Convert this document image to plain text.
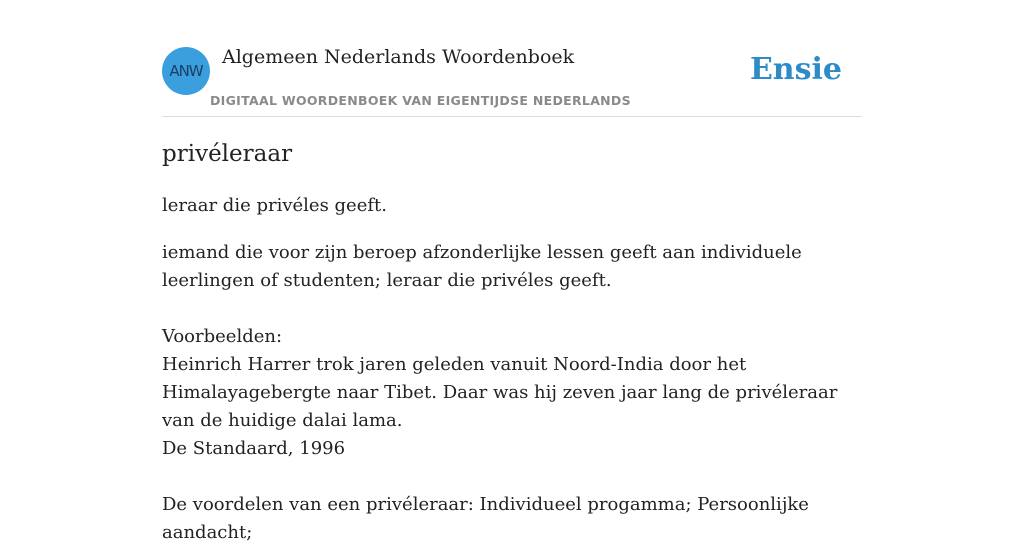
ANW
Algemeen Nederlands Woordenboek
DIGITAAL WOORDENBOEK VAN EIGENTIJDSE NEDERLANDS
Ensie
privéleraar
leraar die privéles geeft.

iemand die voor zijn beroep afzonderlijke lessen geeft aan individuele leerlingen of studenten; leraar die privéles geeft.

Voorbeelden:

Heinrich Harrer trok jaren geleden vanuit Noord-India door het Himalayagebergte naar Tibet. Daar was hij zeven jaar lang de privéleraar van de huidige dalai lama.

De Standaard, 1996

De voordelen van een privéleraar: Individueel progamma; Persoonlijke aandacht;
